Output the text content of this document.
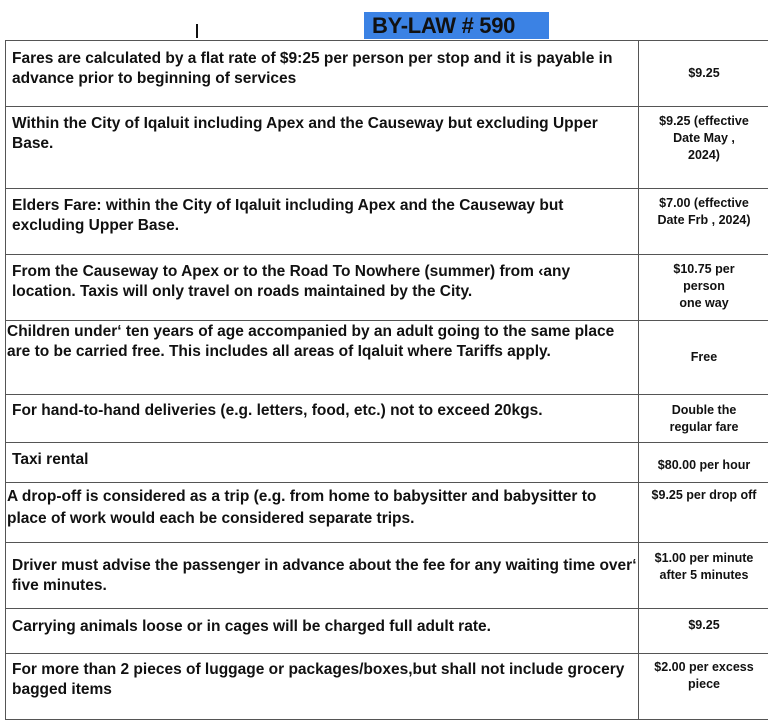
BY-LAW # 590
Fares are calculated by a flat rate of $9:25 per person per stop and it is payable in advance prior to beginning of services	$9.25

Within the City of Iqaluit including Apex and the Causeway but excluding Upper Base.	$9.25 (effective
Date May ,
2024)

Elders Fare: within the City of Iqaluit including Apex and the Causeway but excluding Upper Base.	$7.00 (effective
Date Frb , 2024)

From the Causeway to Apex or to the Road To Nowhere (summer) from ‹any location. Taxis will only travel on roads maintained by the City.	$10.75 per
person
one way

Children under‘ ten years of age accompanied by an adult going to the same place are to be carried free. This includes all areas of Iqaluit where Tariffs apply.	Free

For hand-to-hand deliveries (e.g. letters, food, etc.) not to exceed 20kgs.	Double the
regular fare

Taxi rental	$80.00 per hour

A drop-off is considered as a trip (e.g. from home to babysitter and babysitter to place of work would each be considered separate trips.	$9.25 per drop off

Driver must advise the passenger in advance about the fee for any waiting time over‘ five minutes.	$1.00 per minute
after 5 minutes

Carrying animals loose or in cages will be charged full adult rate.	$9.25

For more than 2 pieces of luggage or packages/boxes,but shall not include grocery bagged items	$2.00 per excess
piece
